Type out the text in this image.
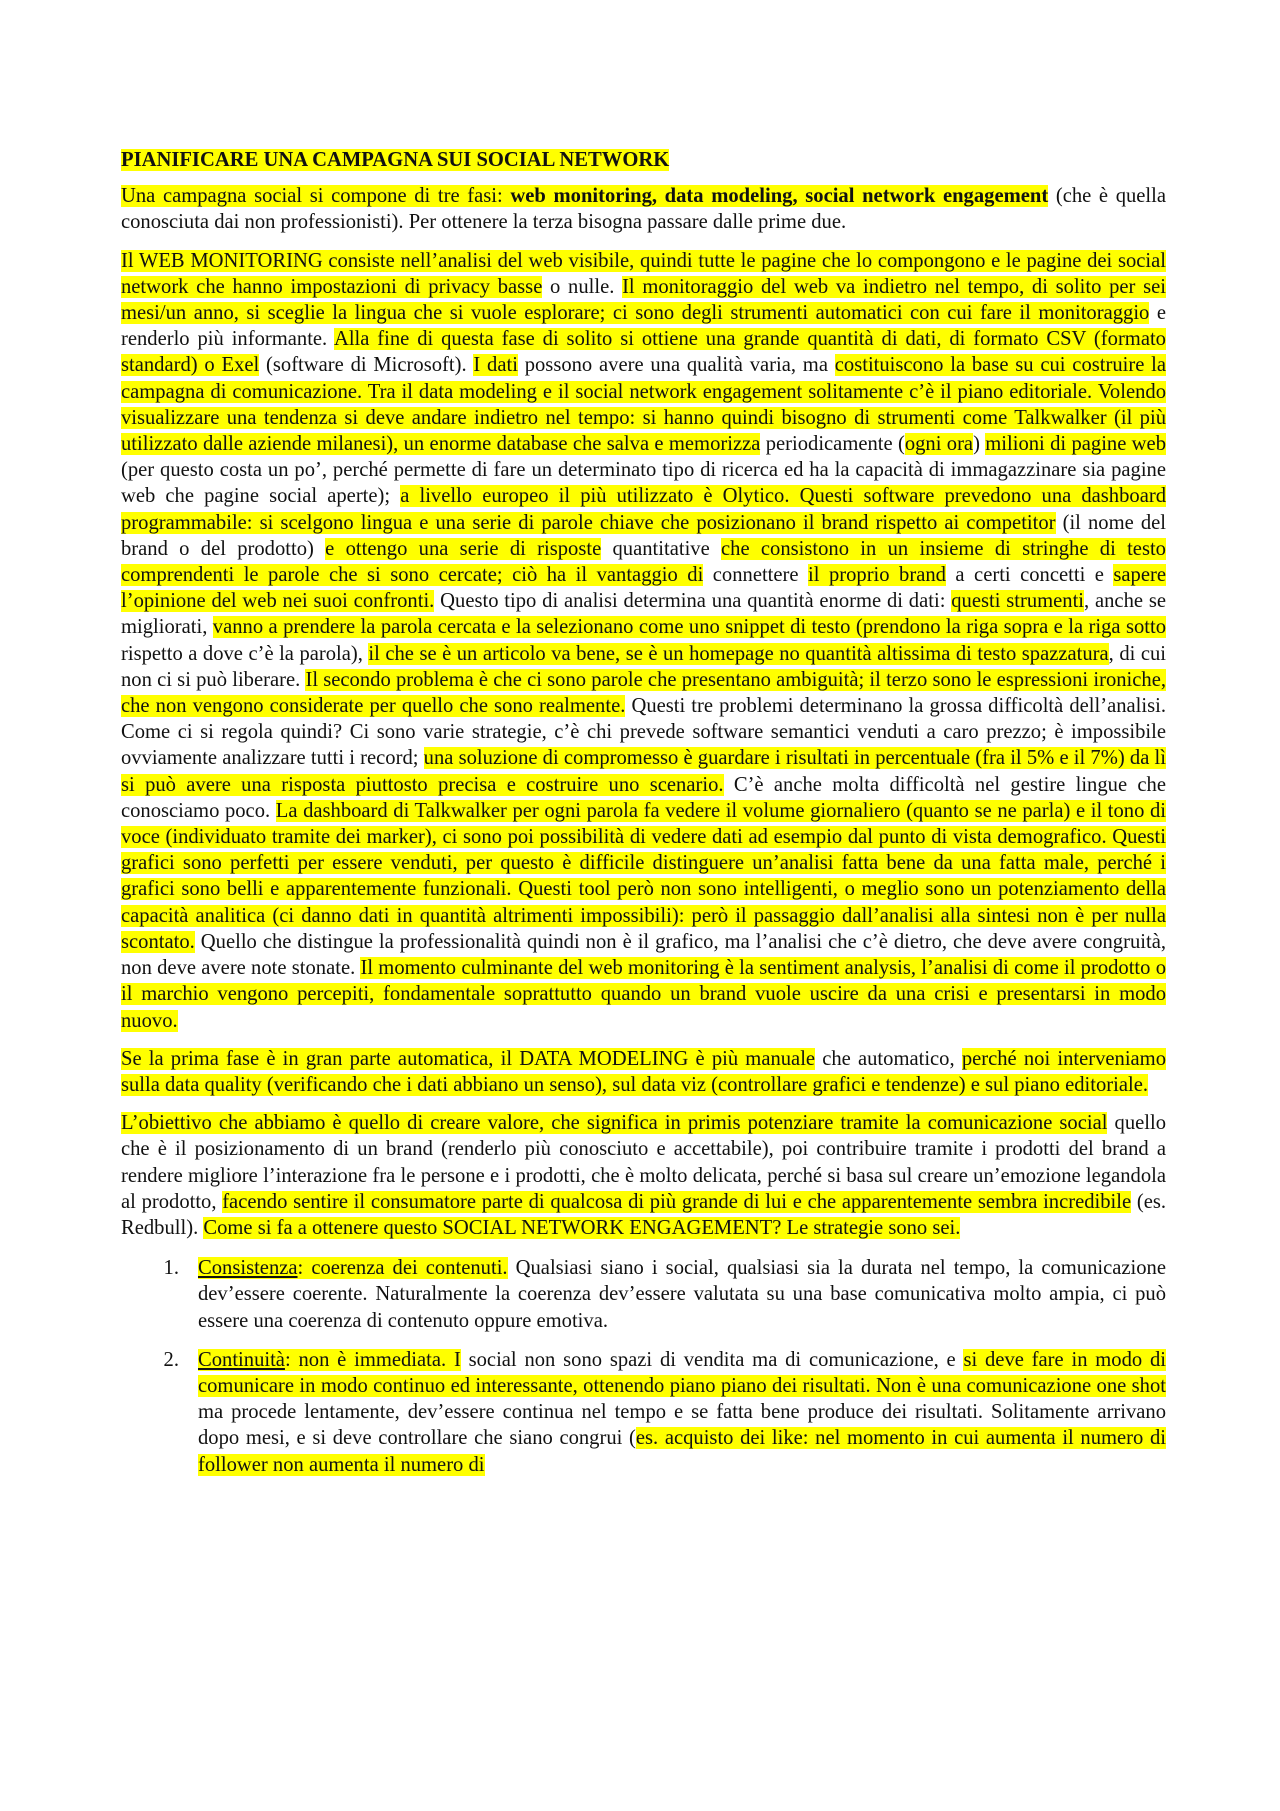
PIANIFICARE UNA CAMPAGNA SUI SOCIAL NETWORK

Una campagna social si compone di tre fasi: web monitoring, data modeling, social network engagement (che è quella conosciuta dai non professionisti). Per ottenere la terza bisogna passare dalle prime due.

Il WEB MONITORING consiste nell’analisi del web visibile, quindi tutte le pagine che lo compongono e le pagine dei social network che hanno impostazioni di privacy basse o nulle. Il monitoraggio del web va indietro nel tempo, di solito per sei mesi/un anno, si sceglie la lingua che si vuole esplorare; ci sono degli strumenti automatici con cui fare il monitoraggio e renderlo più informante. Alla fine di questa fase di solito si ottiene una grande quantità di dati, di formato CSV (formato standard) o Exel (software di Microsoft). I dati possono avere una qualità varia, ma costituiscono la base su cui costruire la campagna di comunicazione. Tra il data modeling e il social network engagement solitamente c’è il piano editoriale. Volendo visualizzare una tendenza si deve andare indietro nel tempo: si hanno quindi bisogno di strumenti come Talkwalker (il più utilizzato dalle aziende milanesi), un enorme database che salva e memorizza periodicamente (ogni ora) milioni di pagine web (per questo costa un po’, perché permette di fare un determinato tipo di ricerca ed ha la capacità di immagazzinare sia pagine web che pagine social aperte); a livello europeo il più utilizzato è Olytico. Questi software prevedono una dashboard programmabile: si scelgono lingua e una serie di parole chiave che posizionano il brand rispetto ai competitor (il nome del brand o del prodotto) e ottengo una serie di risposte quantitative che consistono in un insieme di stringhe di testo comprendenti le parole che si sono cercate; ciò ha il vantaggio di connettere il proprio brand a certi concetti e sapere l’opinione del web nei suoi confronti. Questo tipo di analisi determina una quantità enorme di dati: questi strumenti, anche se migliorati, vanno a prendere la parola cercata e la selezionano come uno snippet di testo (prendono la riga sopra e la riga sotto rispetto a dove c’è la parola), il che se è un articolo va bene, se è un homepage no quantità altissima di testo spazzatura, di cui non ci si può liberare. Il secondo problema è che ci sono parole che presentano ambiguità; il terzo sono le espressioni ironiche, che non vengono considerate per quello che sono realmente. Questi tre problemi determinano la grossa difficoltà dell’analisi. Come ci si regola quindi? Ci sono varie strategie, c’è chi prevede software semantici venduti a caro prezzo; è impossibile ovviamente analizzare tutti i record; una soluzione di compromesso è guardare i risultati in percentuale (fra il 5% e il 7%) da lì si può avere una risposta piuttosto precisa e costruire uno scenario. C’è anche molta difficoltà nel gestire lingue che conosciamo poco. La dashboard di Talkwalker per ogni parola fa vedere il volume giornaliero (quanto se ne parla) e il tono di voce (individuato tramite dei marker), ci sono poi possibilità di vedere dati ad esempio dal punto di vista demografico. Questi grafici sono perfetti per essere venduti, per questo è difficile distinguere un’analisi fatta bene da una fatta male, perché i grafici sono belli e apparentemente funzionali. Questi tool però non sono intelligenti, o meglio sono un potenziamento della capacità analitica (ci danno dati in quantità altrimenti impossibili): però il passaggio dall’analisi alla sintesi non è per nulla scontato. Quello che distingue la professionalità quindi non è il grafico, ma l’analisi che c’è dietro, che deve avere congruità, non deve avere note stonate. Il momento culminante del web monitoring è la sentiment analysis, l’analisi di come il prodotto o il marchio vengono percepiti, fondamentale soprattutto quando un brand vuole uscire da una crisi e presentarsi in modo nuovo.

Se la prima fase è in gran parte automatica, il DATA MODELING è più manuale che automatico, perché noi interveniamo sulla data quality (verificando che i dati abbiano un senso), sul data viz (controllare grafici e tendenze) e sul piano editoriale.

L’obiettivo che abbiamo è quello di creare valore, che significa in primis potenziare tramite la comunicazione social quello che è il posizionamento di un brand (renderlo più conosciuto e accettabile), poi contribuire tramite i prodotti del brand a rendere migliore l’interazione fra le persone e i prodotti, che è molto delicata, perché si basa sul creare un’emozione legandola al prodotto, facendo sentire il consumatore parte di qualcosa di più grande di lui e che apparentemente sembra incredibile (es. Redbull). Come si fa a ottenere questo SOCIAL NETWORK ENGAGEMENT? Le strategie sono sei.

1. Consistenza: coerenza dei contenuti. Qualsiasi siano i social, qualsiasi sia la durata nel tempo, la comunicazione dev’essere coerente. Naturalmente la coerenza dev’essere valutata su una base comunicativa molto ampia, ci può essere una coerenza di contenuto oppure emotiva.
2. Continuità: non è immediata. I social non sono spazi di vendita ma di comunicazione, e si deve fare in modo di comunicare in modo continuo ed interessante, ottenendo piano piano dei risultati. Non è una comunicazione one shot ma procede lentamente, dev’essere continua nel tempo e se fatta bene produce dei risultati. Solitamente arrivano dopo mesi, e si deve controllare che siano congrui (es. acquisto dei like: nel momento in cui aumenta il numero di follower non aumenta il numero di
